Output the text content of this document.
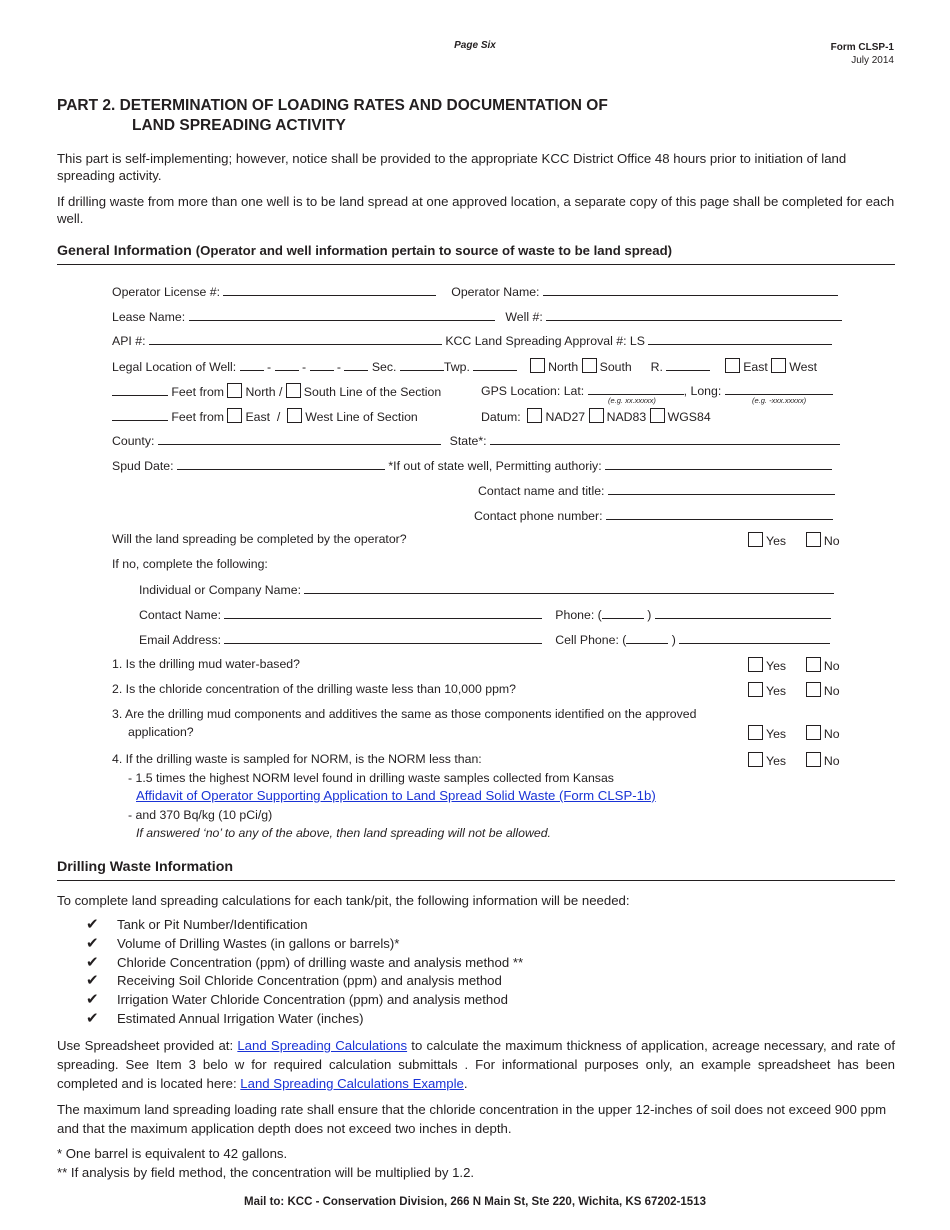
Page Six	Form CLSP-1
July 2014
PART 2. DETERMINATION OF LOADING RATES AND DOCUMENTATION OF
LAND SPREADING ACTIVITY
This part is self-implementing; however, notice shall be provided to the appropriate KCC District Office 48 hours prior to initiation of land spreading activity.
If drilling waste from more than one well is to be land spread at one approved location, a separate copy of this page shall be completed for each well.
General Information (Operator and well information pertain to source of waste to be land spread)
Operator License #:	Operator Name:
Lease Name:	Well #:
API #:	KCC Land Spreading Approval #: LS
Legal Location of Well:  -  -  -  Sec.	Twp.	North South R.	East West
Feet from North / South Line of the Section	GPS Location: Lat:	, Long:
(e.g. xx.xxxxx)	(e.g. -xxx.xxxxx)
Feet from East / West Line of Section	Datum: NAD27 NAD83 WGS84
County:	State*:
Spud Date:	*If out of state well, Permitting authoriy:
Contact name and title:
Contact phone number:
Will the land spreading be completed by the operator?	Yes	No
If no, complete the following:
Individual or Company Name:
Contact Name:	Phone: (	)
Email Address:	Cell Phone: (	)
1. Is the drilling mud water-based?	Yes	No
2. Is the chloride concentration of the drilling waste less than 10,000 ppm?	Yes	No
3. Are the drilling mud components and additives the same as those components identified on the approved
application?	Yes	No
4. If the drilling waste is sampled for NORM, is the NORM less than:	Yes	No
- 1.5 times the highest NORM level found in drilling waste samples collected from Kansas
Affidavit of Operator Supporting Application to Land Spread Solid Waste (Form CLSP-1b)
- and 370 Bq/kg (10 pCi/g)
If answered ‘no’ to any of the above, then land spreading will not be allowed.
Drilling Waste Information
To complete land spreading calculations for each tank/pit, the following information will be needed:
✔ Tank or Pit Number/Identification
✔ Volume of Drilling Wastes (in gallons or barrels)*
✔ Chloride Concentration (ppm) of drilling waste and analysis method **
✔ Receiving Soil Chloride Concentration (ppm) and analysis method
✔ Irrigation Water Chloride Concentration (ppm) and analysis method
✔ Estimated Annual Irrigation Water (inches)
Use Spreadsheet provided at: Land Spreading Calculations to calculate the maximum thickness of application, acreage necessary, and rate of spreading. See Item 3 belo w for required calculation submittals . For informational purposes only, an example spreadsheet has been completed and is located here: Land Spreading Calculations Example.
The maximum land spreading loading rate shall ensure that the chloride concentration in the upper 12-inches of soil does not exceed 900 ppm and that the maximum application depth does not exceed two inches in depth.
* One barrel is equivalent to 42 gallons.
** If analysis by field method, the concentration will be multiplied by 1.2.
Mail to: KCC - Conservation Division, 266 N Main St, Ste 220, Wichita, KS 67202-1513
